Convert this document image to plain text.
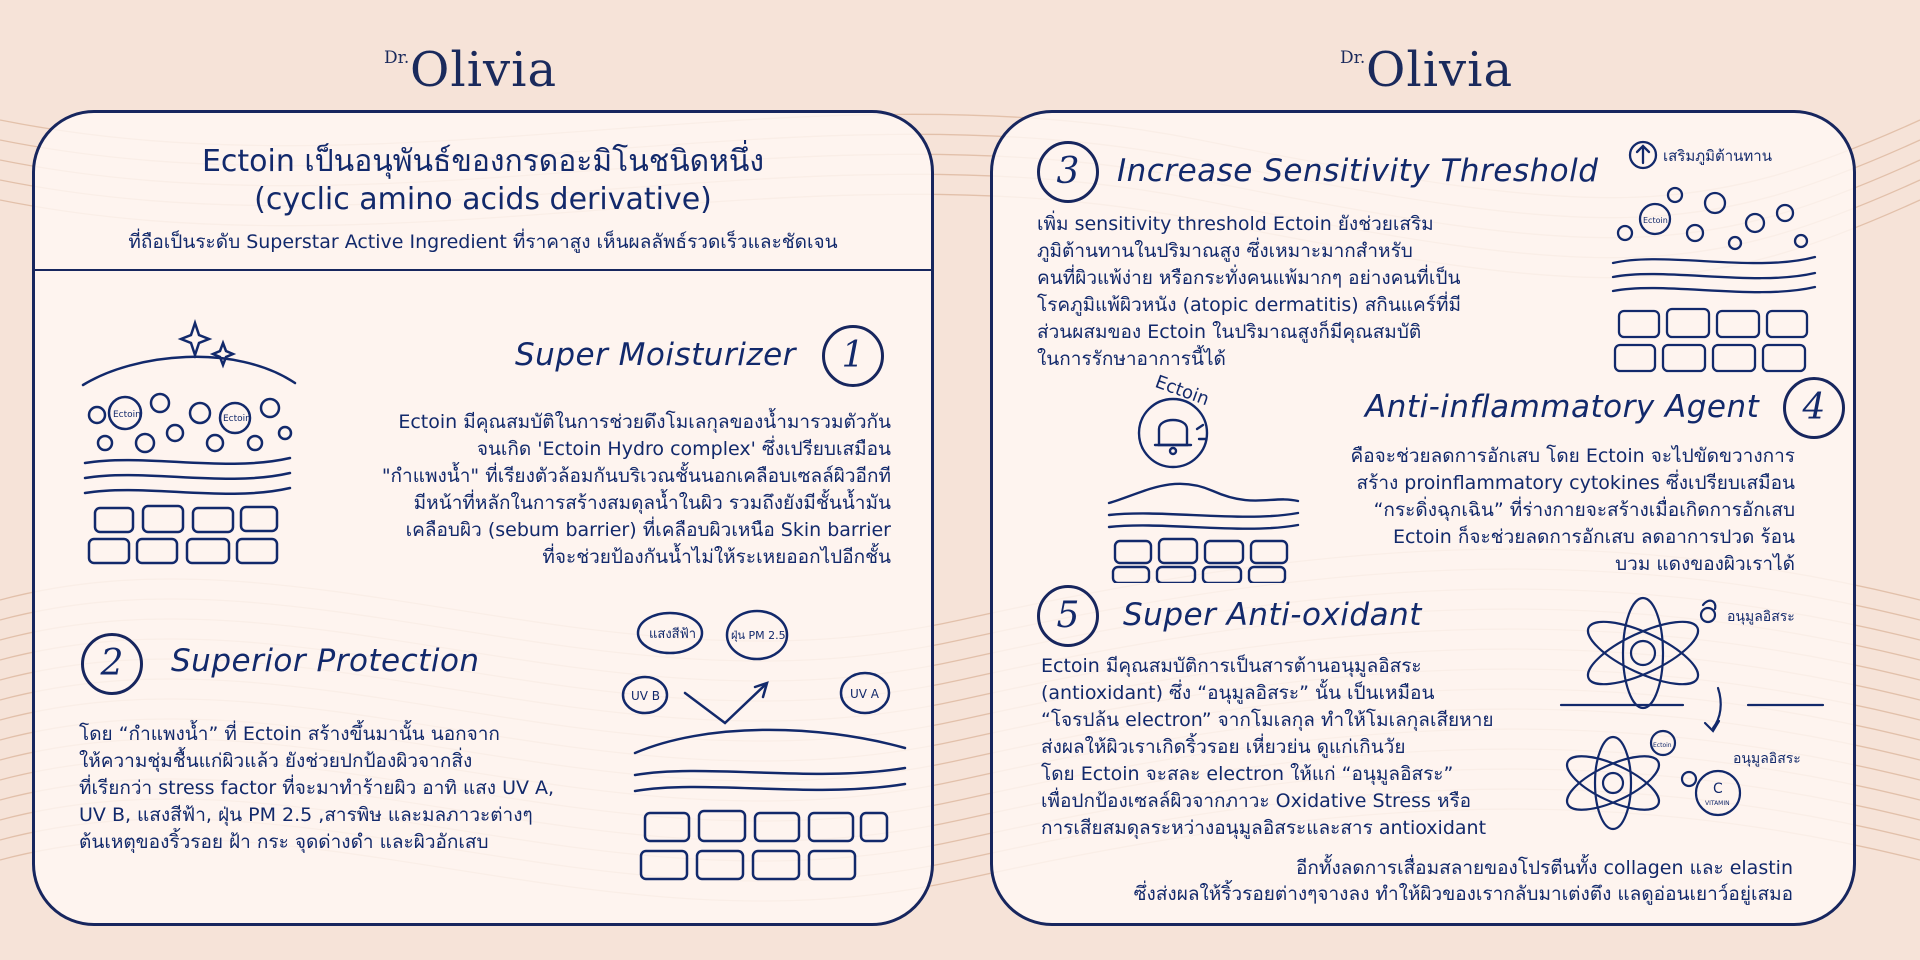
Dr. Olivia	Dr. Olivia
Ectoin เป็นอนุพันธ์ของกรดอะมิโนชนิดหนึ่ง
(cyclic amino acids derivative)
ที่ถือเป็นระดับ Superstar Active Ingredient ที่ราคาสูง เห็นผลลัพธ์รวดเร็วและชัดเจน
Super Moisturizer	1
Ectoin มีคุณสมบัติในการช่วยดึงโมเลกุลของน้ำมารวมตัวกัน
จนเกิด 'Ectoin Hydro complex' ซึ่งเปรียบเสมือน
"กำแพงน้ำ" ที่เรียงตัวล้อมกันบริเวณชั้นนอกเคลือบเซลล์ผิวอีกที
มีหน้าที่หลักในการสร้างสมดุลน้ำในผิว รวมถึงยังมีชั้นน้ำมัน
เคลือบผิว (sebum barrier) ที่เคลือบผิวเหนือ Skin barrier
ที่จะช่วยป้องกันน้ำไม่ให้ระเหยออกไปอีกชั้น
Ectoin	Ectoin
2	Superior Protection
โดย “กำแพงน้ำ” ที่ Ectoin สร้างขึ้นมานั้น นอกจาก
ให้ความชุ่มชื้นแก่ผิวแล้ว ยังช่วยปกป้องผิวจากสิ่ง
ที่เรียกว่า stress factor ที่จะมาทำร้ายผิว อาทิ แสง UV A,
UV B, แสงสีฟ้า, ฝุ่น PM 2.5 ,สารพิษ และมลภาวะต่างๆ
ต้นเหตุของริ้วรอย ฝ้า กระ จุดด่างดำ และผิวอักเสบ
แสงสีฟ้า	ฝุ่น PM 2.5
UV B	UV A
3	Increase Sensitivity Threshold
เพิ่ม sensitivity threshold Ectoin ยังช่วยเสริม
ภูมิต้านทานในปริมาณสูง ซึ่งเหมาะมากสำหรับ
คนที่ผิวแพ้ง่าย หรือกระทั่งคนแพ้มากๆ อย่างคนที่เป็น
โรคภูมิแพ้ผิวหนัง (atopic dermatitis) สกินแคร์ที่มี
ส่วนผสมของ Ectoin ในปริมาณสูงก็มีคุณสมบัติ
ในการรักษาอาการนี้ได้
เสริมภูมิต้านทาน
Ectoin
Anti-inflammatory Agent	4
คือจะช่วยลดการอักเสบ โดย Ectoin จะไปขัดขวางการ
สร้าง proinflammatory cytokines ซึ่งเปรียบเสมือน
“กระดิ่งฉุกเฉิน” ที่ร่างกายจะสร้างเมื่อเกิดการอักเสบ
Ectoin ก็จะช่วยลดการอักเสบ ลดอาการปวด ร้อน
บวม แดงของผิวเราได้
Ectoin
5	Super Anti-oxidant
Ectoin มีคุณสมบัติการเป็นสารต้านอนุมูลอิสระ
(antioxidant) ซึ่ง “อนุมูลอิสระ” นั้น เป็นเหมือน
“โจรปล้น electron” จากโมเลกุล ทำให้โมเลกุลเสียหาย
ส่งผลให้ผิวเราเกิดริ้วรอย เหี่ยวย่น ดูแก่เกินวัย
โดย Ectoin จะสละ electron ให้แก่ “อนุมูลอิสระ”
เพื่อปกป้องเซลล์ผิวจากภาวะ Oxidative Stress หรือ
การเสียสมดุลระหว่างอนุมูลอิสระและสาร antioxidant
อนุมูลอิสระ
อนุมูลอิสระ
Ectoin
C
VITAMIN
อีกทั้งลดการเสื่อมสลายของโปรตีนทั้ง collagen และ elastin
ซึ่งส่งผลให้ริ้วรอยต่างๆจางลง ทำให้ผิวของเรากลับมาเต่งตึง แลดูอ่อนเยาว์อยู่เสมอ
